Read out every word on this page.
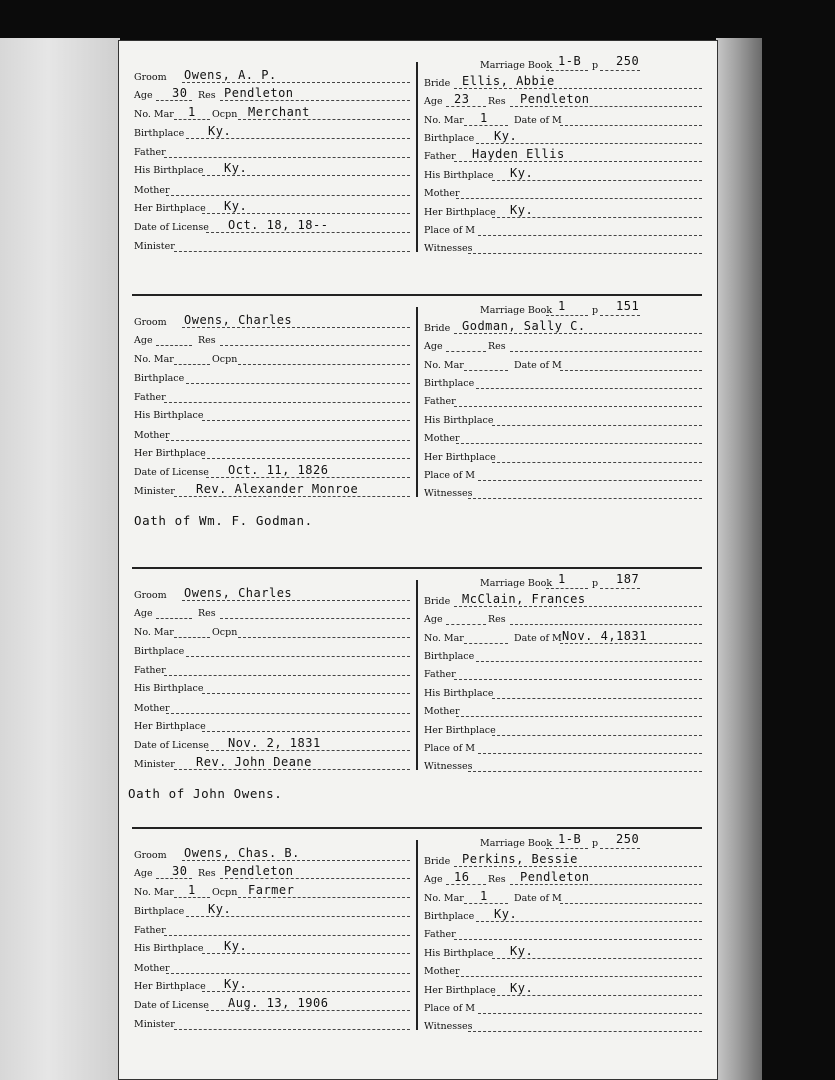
Groom Owens, A. P.
Age 30 Res Pendleton
No. Mar 1 Ocpn Merchant
Birthplace Ky.
Father
His Birthplace Ky.
Mother
Her Birthplace Ky.
Date of License Oct. 18, 18--
Minister
Marriage Book 1-B p 250
Bride Ellis, Abbie
Age 23 Res Pendleton
No. Mar 1	Date of M
Birthplace Ky.
Father Hayden Ellis
His Birthplace Ky.
Mother
Her Birthplace Ky.
Place of M
Witnesses
Groom Owens, Charles
Age	Res
No. Mar	Ocpn
Birthplace
Father
His Birthplace
Mother
Her Birthplace
Date of License Oct. 11, 1826
Minister Rev. Alexander Monroe
Marriage Book 1	p 151
Bride Godman, Sally C.
Age	Res
No. Mar	Date of M
Birthplace
Father
His Birthplace
Mother
Her Birthplace
Place of M
Witnesses
Oath of Wm. F. Godman.
Groom Owens, Charles
Age	Res
No. Mar	Ocpn
Birthplace
Father
His Birthplace
Mother
Her Birthplace
Date of License Nov. 2, 1831
Minister Rev. John Deane
Marriage Book 1	p 187
Bride McClain, Frances
Age	Res
No. Mar	Date of M Nov. 4,1831
Birthplace
Father
His Birthplace
Mother
Her Birthplace
Place of M
Witnesses
Oath of John Owens.
Groom Owens, Chas. B.
Age 30 Res Pendleton
No. Mar 1 Ocpn Farmer
Birthplace Ky.
Father
His Birthplace Ky.
Mother
Her Birthplace Ky.
Date of License Aug. 13, 1906
Minister
Marriage Book 1-B p 250
Bride Perkins, Bessie
Age 16 Res Pendleton
No. Mar 1	Date of M
Birthplace Ky.
Father
His Birthplace Ky.
Mother
Her Birthplace Ky.
Place of M
Witnesses
